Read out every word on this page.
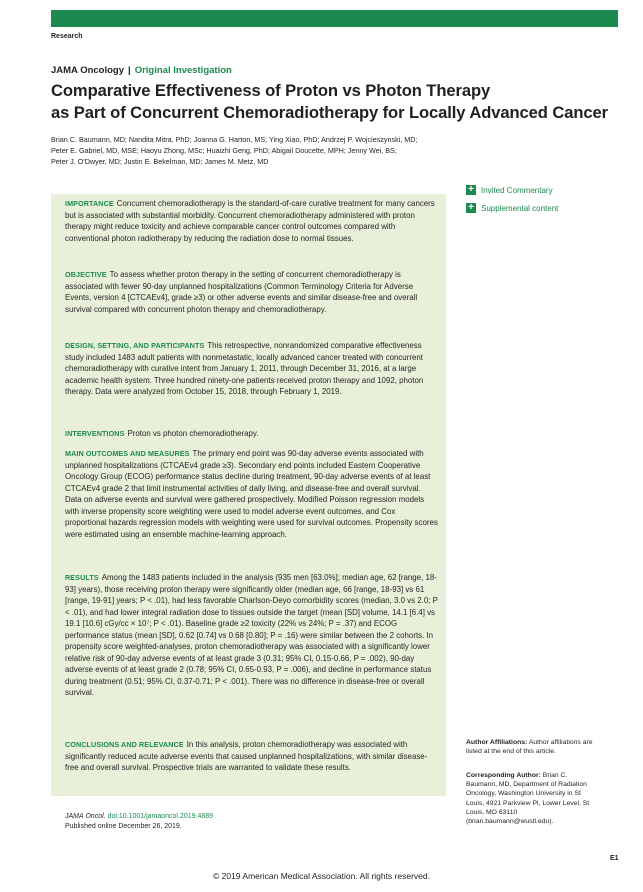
Research
JAMA Oncology | Original Investigation
Comparative Effectiveness of Proton vs Photon Therapy
as Part of Concurrent Chemoradiotherapy for Locally Advanced Cancer
Brian C. Baumann, MD; Nandita Mitra, PhD; Joanna G. Harton, MS; Ying Xiao, PhD; Andrzej P. Wojcieszynski, MD;
Peter E. Gabriel, MD, MSE; Haoyu Zhong, MSc; Huaizhi Geng, PhD; Abigail Doucette, MPH; Jenny Wei, BS;
Peter J. O'Dwyer, MD; Justin E. Bekelman, MD; James M. Metz, MD
IMPORTANCE Concurrent chemoradiotherapy is the standard-of-care curative treatment for many cancers but is associated with substantial morbidity. Concurrent chemoradiotherapy administered with proton therapy might reduce toxicity and achieve comparable cancer control outcomes compared with conventional photon radiotherapy by reducing the radiation dose to normal tissues.
OBJECTIVE To assess whether proton therapy in the setting of concurrent chemoradiotherapy is associated with fewer 90-day unplanned hospitalizations (Common Terminology Criteria for Adverse Events, version 4 [CTCAEv4], grade ≥3) or other adverse events and similar disease-free and overall survival compared with concurrent photon therapy and chemoradiotherapy.
DESIGN, SETTING, AND PARTICIPANTS This retrospective, nonrandomized comparative effectiveness study included 1483 adult patients with nonmetastatic, locally advanced cancer treated with concurrent chemoradiotherapy with curative intent from January 1, 2011, through December 31, 2016, at a large academic health system. Three hundred ninety-one patients received proton therapy and 1092, photon therapy. Data were analyzed from October 15, 2018, through February 1, 2019.
INTERVENTIONS Proton vs photon chemoradiotherapy.
MAIN OUTCOMES AND MEASURES The primary end point was 90-day adverse events associated with unplanned hospitalizations (CTCAEv4 grade ≥3). Secondary end points included Eastern Cooperative Oncology Group (ECOG) performance status decline during treatment, 90-day adverse events of at least CTCAEv4 grade 2 that limit instrumental activities of daily living, and disease-free and overall survival. Data on adverse events and survival were gathered prospectively. Modified Poisson regression models with inverse propensity score weighting were used to model adverse event outcomes, and Cox proportional hazards regression models with weighting were used for survival outcomes. Propensity scores were estimated using an ensemble machine-learning approach.
RESULTS Among the 1483 patients included in the analysis (935 men [63.0%]; median age, 62 [range, 18-93] years), those receiving proton therapy were significantly older (median age, 66 [range, 18-93] vs 61 [range, 19-91] years; P < .01), had less favorable Charlson-Deyo comorbidity scores (median, 3.0 vs 2.0; P < .01), and had lower integral radiation dose to tissues outside the target (mean [SD] volume, 14.1 [6.4] vs 19.1 [10.6] cGy/cc × 10⁷; P < .01). Baseline grade ≥2 toxicity (22% vs 24%; P = .37) and ECOG performance status (mean [SD], 0.62 [0.74] vs 0.68 [0.80]; P = .16) were similar between the 2 cohorts. In propensity score weighted-analyses, proton chemoradiotherapy was associated with a significantly lower relative risk of 90-day adverse events of at least grade 3 (0.31; 95% CI, 0.15-0.66, P = .002), 90-day adverse events of at least grade 2 (0.78; 95% CI, 0.65-0.93, P = .006), and decline in performance status during treatment (0.51; 95% CI, 0.37-0.71; P < .001). There was no difference in disease-free or overall survival.
CONCLUSIONS AND RELEVANCE In this analysis, proton chemoradiotherapy was associated with significantly reduced acute adverse events that caused unplanned hospitalizations, with similar disease-free and overall survival. Prospective trials are warranted to validate these results.
+ Invited Commentary
+ Supplemental content
Author Affiliations: Author affiliations are listed at the end of this article.
Corresponding Author: Brian C. Baumann, MD, Department of Radiation Oncology, Washington University in St Louis, 4921 Parkview Pl, Lower Level, St Louis, MO 63110 (brian.baumann@wustl.edu).
JAMA Oncol. doi:10.1001/jamaoncol.2019.4889
Published online December 26, 2019.
E1
© 2019 American Medical Association. All rights reserved.
